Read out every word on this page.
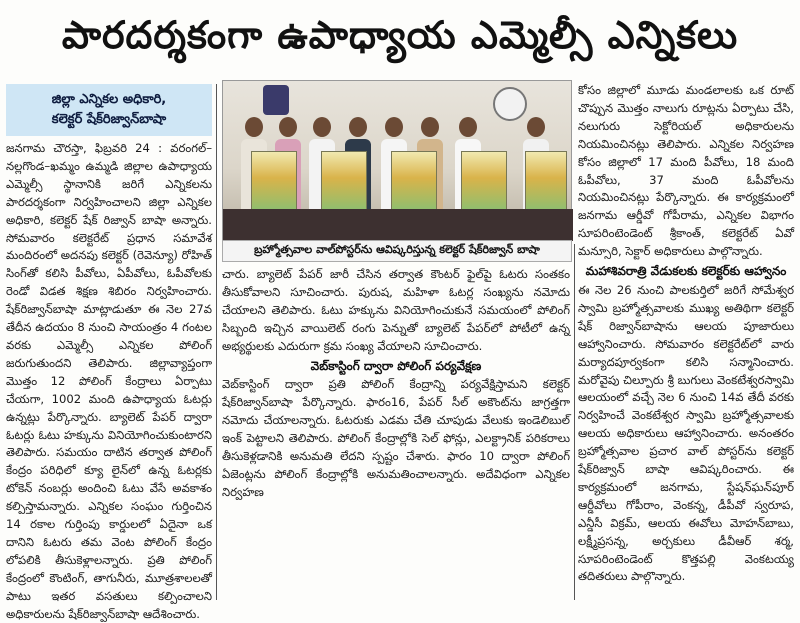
పారదర్శకంగా ఉపాధ్యాయ ఎమ్మెల్సీ ఎన్నికలు
జిల్లా ఎన్నికల అధికారి,
కలెక్టర్ షేక్‌రిజ్వాన్‌బాషా
బ్రహ్మోత్సవాల వాల్‌పోస్టర్‌ను ఆవిష్కరిస్తున్న కలెక్టర్ షేక్‌రిజ్వాన్ బాషా

జనగామ చౌరస్తా, ఫిబ్రవరి 24 : వరంగల్–నల్లగొండ–ఖమ్మం ఉమ్మడి జిల్లాల ఉపాధ్యాయ ఎమ్మెల్సీ స్థానానికి జరిగే ఎన్నికలను పారదర్శకంగా నిర్వహించాలని జిల్లా ఎన్నికల అధికారి, కలెక్టర్ షేక్ రిజ్వాన్ బాషా అన్నారు. సోమవారం కలెక్టరేట్ ప్రధాన సమావేశ మందిరంలో అదనపు కలెక్టర్ (రెవెన్యూ) రోహిత్ సింగ్‌తో కలిసి పీవోలు, ఏపీవోలు, ఓపీవోలకు రెండో విడత శిక్షణ శిబిరం నిర్వహించారు. షేక్‌రిజ్వాన్‌బాషా మాట్లాడుతూ ఈ నెల 27వ తేదీన ఉదయం 8 నుంచి సాయంత్రం 4 గంటల వరకు ఎమ్మెల్సీ ఎన్నికల పోలింగ్ జరుగుతుందని తెలిపారు. జిల్లావ్యాప్తంగా మొత్తం 12 పోలింగ్ కేంద్రాలు ఏర్పాటు చేయగా, 1002 మంది ఉపాధ్యాయ ఓటర్లు ఉన్నట్లు పేర్కొన్నారు. బ్యాలెట్ పేపర్ ద్వారా ఓటర్లు ఓటు హక్కును వినియోగించుకుంటారని తెలిపారు. సమయం దాటిన తర్వాత పోలింగ్ కేంద్రం పరిధిలో క్యూ లైన్‌లో ఉన్న ఓటర్లకు టోకెన్ నంబర్లు అందించి ఓటు వేసే అవకాశం కల్పిస్తామన్నారు. ఎన్నికల సంఘం గుర్తించిన 14 రకాల గుర్తింపు కార్డులలో ఏదైనా ఒక దానిని ఓటరు తమ వెంట పోలింగ్ కేంద్రం లోపలికి తీసుకెళ్లాలన్నారు. ప్రతి పోలింగ్ కేంద్రంలో కౌంటింగ్, తాగునీరు, మూత్రశాలలతో పాటు ఇతర వసతులు కల్పించాలని అధికారులను షేక్‌రిజ్వాన్‌బాషా ఆదేశించారు.

చారు. బ్యాలెట్ పేపర్ జారీ చేసిన తర్వాత కౌంటర్ ఫైల్‌పై ఓటరు సంతకం తీసుకోవాలని సూచించారు. పురుష, మహిళా ఓటర్ల సంఖ్యను నమోదు చేయాలని తెలిపారు. ఓటు హక్కును వినియోగించుకునే సమయంలో పోలింగ్ సిబ్బంది ఇచ్చిన వాయిలెట్ రంగు పెన్నుతో బ్యాలెట్ పేపర్‌లో పోటీలో ఉన్న అభ్యర్థులకు ఎదురుగా క్రమ సంఖ్య వేయాలని సూచించారు.

వెబ్‌కాస్టింగ్ ద్వారా పోలింగ్ పర్యవేక్షణ

వెబ్‌కాస్టింగ్ ద్వారా ప్రతి పోలింగ్ కేంద్రాన్ని పర్యవేక్షిస్తామని కలెక్టర్ షేక్‌రిజ్వాన్‌బాషా పేర్కొన్నారు. ఫారం16, పేపర్ సీల్ అకౌంట్‌ను జాగ్రత్తగా నమోదు చేయాలన్నారు. ఓటరుకు ఎడమ చేతి చూపుడు వేలుకు ఇండెలిబుల్ ఇంక్ పెట్టాలని తెలిపారు. పోలింగ్ కేంద్రాల్లోకి సెల్ ఫోన్లు, ఎలక్ట్రానిక్ పరికరాలు తీసుకెళ్లడానికి అనుమతి లేదని స్పష్టం చేశారు. ఫారం 10 ద్వారా పోలింగ్ ఏజెంట్లను పోలింగ్ కేంద్రాల్లోకి అనుమతించాలన్నారు. అదేవిధంగా ఎన్నికల నిర్వహణ

కోసం జిల్లాలో మూడు మండలాలకు ఒక రూట్ చొప్పున మొత్తం నాలుగు రూట్లను ఏర్పాటు చేసి, నలుగురు సెక్టోరియల్ అధికారులను నియమించినట్లు తెలిపారు. ఎన్నికల నిర్వహణ కోసం జిల్లాలో 17 మంది పీవోలు, 18 మంది ఓపీవోలు, 37 మంది ఓపీవోలను నియమించినట్లు పేర్కొన్నారు. ఈ కార్యక్రమంలో జనగామ ఆర్డీవో గోపీరామ, ఎన్నికల విభాగం సూపరింటెండెంట్ శ్రీకాంత్, కలెక్టరేట్ ఏవో మన్సూరి, సెక్టార్ అధికారులు పాల్గొన్నారు.

మహాశివరాత్రి వేడుకలకు కలెక్టర్‌కు ఆహ్వానం

ఈ నెల 26 నుంచి పాలకుర్తిలో జరిగే సోమేశ్వర స్వామి బ్రహ్మోత్సవాలకు ముఖ్య అతిథిగా కలెక్టర్ షేక్ రిజ్వాన్‌బాషాను ఆలయ పూజారులు ఆహ్వానించారు. సోమవారం కలెక్టరేట్‌లో వారు మర్యాదపూర్వకంగా కలిసి సన్మానించారు. మరోవైపు చిల్పూరు శ్రీ బుగులు వెంకటేశ్వరస్వామి ఆలయంలో వచ్చే నెల 6 నుంచి 14వ తేదీ వరకు నిర్వహించే వెంకటేశ్వర స్వామి బ్రహ్మోత్సవాలకు ఆలయ అధికారులు ఆహ్వానించారు. అనంతరం బ్రహ్మోత్సవాల ప్రచార వాల్ పోస్టర్‌ను కలెక్టర్ షేక్‌రిజ్వాన్ బాషా ఆవిష్కరించారు. ఈ కార్యక్రమంలో జనగామ, స్టేషన్‌ఘన్‌పూర్ ఆర్డీవోలు గోపీరాం, వెంకన్న, డీపీవో స్వరూప, ఎన్డీసీ విక్రమ్, ఆలయ ఈవోలు మోహన్‌బాబు, లక్ష్మీప్రసన్న, అర్చకులు డీవీఆర్ శర్మ, సూపరింటెండెంట్ కొత్తపల్లి వెంకటయ్య తదితరులు పాల్గొన్నారు.
